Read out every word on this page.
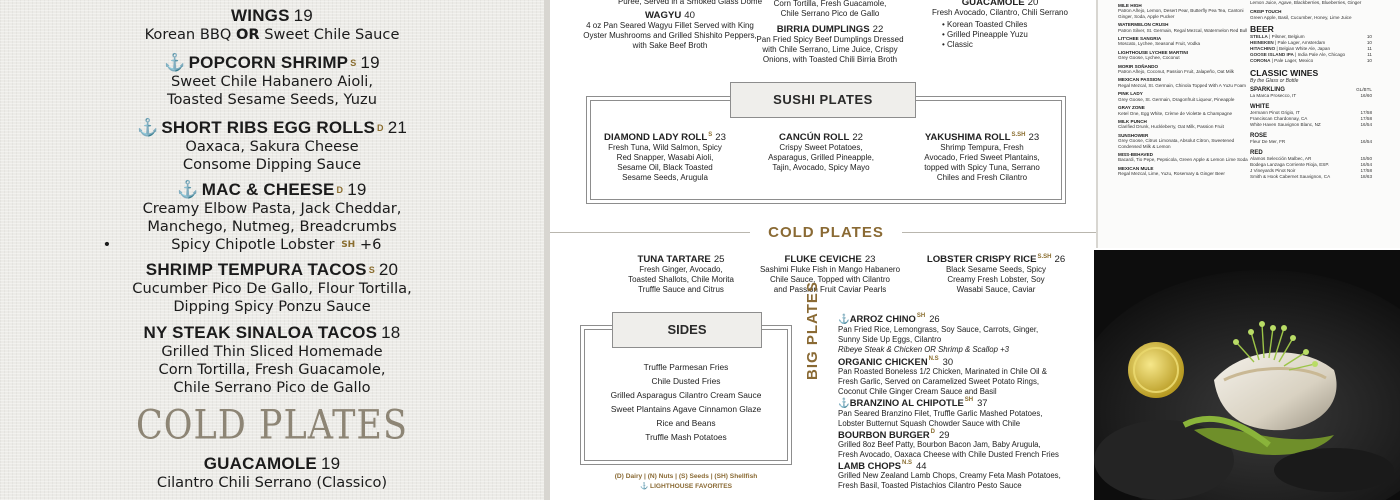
WINGS 19
Korean BBQ OR Sweet Chile Sauce
⚓ POPCORN SHRIMP $^S$ 19
Sweet Chile Habanero Aioli,
Toasted Sesame Seeds, Yuzu
⚓ SHORT RIBS EGG ROLLS $^D$ 21
Oaxaca, Sakura Cheese
Consome Dipping Sauce
⚓ MAC & CHEESE $^D$ 19
Creamy Elbow Pasta, Jack Cheddar,
Manchego, Nutmeg, Breadcrumbs
•	Spicy Chipotle Lobster $^{SH}$ +6
SHRIMP TEMPURA TACOS $^S$ 20
Cucumber Pico De Gallo, Flour Tortilla,
Dipping Spicy Ponzu Sauce
NY STEAK SINALOA TACOS 18
Grilled Thin Sliced Homemade
Corn Tortilla, Fresh Guacamole,
Chile Serrano Pico de Gallo
COLD PLATES
GUACAMOLE 19
Cilantro Chili Serrano (Classico)
Puree, Served in a Smoked Glass Dome
WAGYU 40
4 oz Pan Seared Wagyu Fillet Served with King
Oyster Mushrooms and Grilled Shishito Peppers,
with Sake Beef Broth
Corn Tortilla, Fresh Guacamole,
Chile Serrano Pico de Gallo
BIRRIA DUMPLINGS 22
Pan Fried Spicy Beef Dumplings Dressed
with Chile Serrano, Lime Juice, Crispy
Onions, with Toasted Chili Birria Broth
GUACAMOLE 20
Fresh Avocado, Cilantro, Chili Serrano
• Korean Toasted Chiles
• Grilled Pineapple Yuzu
• Classic
SUSHI PLATES
DIAMOND LADY $ROLL^S$ 23
Fresh Tuna, Wild Salmon, Spicy
Red Snapper, Wasabi Aioli,
Sesame Oil, Black Toasted
Sesame Seeds, Arugula
CANCÚN ROLL 22
Crispy Sweet Potatoes,
Asparagus, Grilled Pineapple,
Tajin, Avocado, Spicy Mayo
YAKUSHIMA $ROLL^{S.SH}$ 23
Shrimp Tempura, Fresh
Avocado, Fried Sweet Plantains,
topped with Spicy Tuna, Serrano
Chiles and Fresh Cilantro
COLD PLATES
TUNA TARTARE 25
Fresh Ginger, Avocado,
Toasted Shallots, Chile Morita
Truffle Sauce and Citrus
FLUKE CEVICHE 23
Sashimi Fluke Fish in Mango Habanero
Chile Sauce, Topped with Cilantro
and Passion Fruit Caviar Pearls
LOBSTER CRISPY $RICE^{S.SH}$ 26
Black Sesame Seeds, Spicy
Creamy Fresh Lobster, Soy
Wasabi Sauce, Caviar
SIDES
Truffle Parmesan Fries
Chile Dusted Fries
Grilled Asparagus Cilantro Cream Sauce
Sweet Plantains Agave Cinnamon Glaze
Rice and Beans
Truffle Mash Potatoes
(D) Dairy | (N) Nuts | (S) Seeds | (SH) Shellfish
⚓ LIGHTHOUSE FAVORITES
BIG PLATES ⚓ARROZ $CHINO^{SH}$ 26
Pan Fried Rice, Lemongrass, Soy Sauce, Carrots, Ginger,
Sunny Side Up Eggs, Cilantro
Ribeye Steak & Chicken OR Shrimp & Scallop +3
ORGANIC $CHICKEN^{N.S}$ 30
Pan Roasted Boneless 1/2 Chicken, Marinated in Chile Oil &
Fresh Garlic, Served on Caramelized Sweet Potato Rings,
Coconut Chile Ginger Cream Sauce and Basil
⚓BRANZINO AL $CHIPOTLE^{SH}$ 37
Pan Seared Branzino Filet, Truffle Garlic Mashed Potatoes,
Lobster Butternut Squash Chowder Sauce with Chile
BOURBON $BURGER^D$ 29
Grilled 8oz Beef Patty, Bourbon Bacon Jam, Baby Arugula,
Fresh Avocado, Oaxaca Cheese with Chile Dusted French Fries
LAMB $CHOPS^{N.S}$ 44
Grilled New Zealand Lamb Chops, Creamy Feta Mash Potatoes,
Fresh Basil, Toasted Pistachios Cilantro Pesto Sauce
MILE HIGH
Patron Añejo, Lemon, Desert Pear, Butterfly Pea Tea, Cantoni Ginger, Soda, Apple Pucker
WATERMELON CRUSH
Patron Silver, St. Germain, Regal Mezcal, Watermelon Red Bull
LIT'CHEE SANGRIA
Moscato, Lychee, Seasonal Fruit, Vodka
LIGHTHOUSE LYCHEE MARTINI
Grey Goose, Lychee, Coconut
MORIR SOÑANDO
Patron Añejo, Coconut, Passion Fruit, Jalapeño, Oat Milk
MEXICAN PASSION
Regal Mezcal, St. Germain, Chinola Topped With A Yuzu Foam
PINK LADY
Grey Goose, St. Germain, Dragonfruit Liqueur, Pineapple
GRAY ZONE
Ketel One, Egg White, Crème de Violette & Champagne
MILK PUNCH
Clarified Drunk, Huckleberry, Oat Milk, Passion Fruit
SUNSHOWER
Grey Goose, Citrus Limonata, Absolut Citron, Sweetened Condensed Milk & Lemon
MISS-BEHAVED
Bacardi, Tio Pepe, Pepsicola, Green Apple & Lemon Lime Soda
MEXICAN MULE
Regal Mezcal, Lime, Yuzu, Rosemary & Ginger Beer
Lemon Juice, Agave, Blackberries, Blueberries, Ginger
CRISP TOUCH
Green Apple, Basil, Cucumber, Honey, Lime Juice
BEER
STELLA | Pilsner, Belgium	10
HEINEKEN | Pale Lager, Amsterdam	10
HITACHINO | Belgian White Ale, Japan	11
GOOSE ISLAND IPA | India Pale Ale, Chicago	11
CORONA | Pale Lager, Mexico	10
CLASSIC WINES
By the Glass or Bottle
SPARKLING	GL/BTL
La Marca Prosecco, IT	16/60
WHITE
Jermann Pinot Grigio, IT	17/58
Franciscan Chardonnay, CA	17/58
White Haven Sauvignon Blanc, NZ	16/54
ROSE
Fleur De Mer, FR	16/54
RED
Alamos Selección Malbec, AR	15/50
Bodega Lanzaga Corriente Rioja, ESP.	16/54
J Vineyards Pinot Noir	17/58
Smith & Hook Cabernet Sauvignon, CA	18/63
